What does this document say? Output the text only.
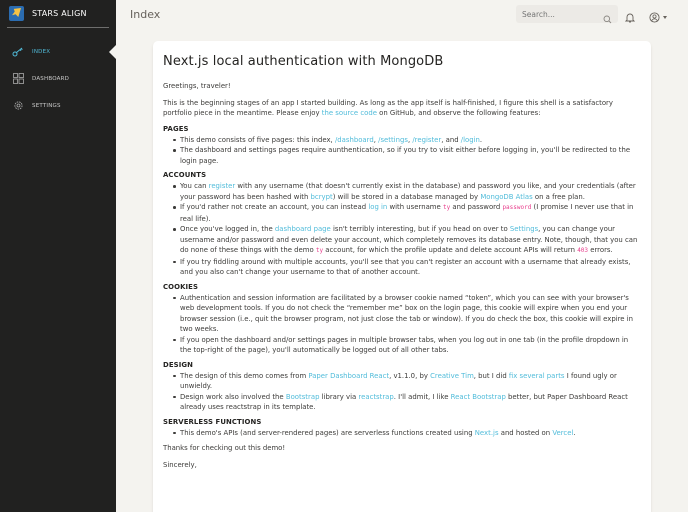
STARS ALIGN
INDEX
DASHBOARD
SETTINGS
Index
Search...
Next.js local authentication with MongoDB

Greetings, traveler!

This is the beginning stages of an app I started building. As long as the app itself is half-finished, I figure this shell is a satisfactory portfolio piece in the meantime. Please enjoy the source code on GitHub, and observe the following features:

PAGES
This demo consists of five pages: this index, /dashboard, /settings, /register, and /login.
The dashboard and settings pages require aunthentication, so if you try to visit either before logging in, you'll be redirected to the login page.
ACCOUNTS
You can register with any username (that doesn't currently exist in the database) and password you like, and your credentials (after your password has been hashed with bcrypt) will be stored in a database managed by MongoDB Atlas on a free plan.
If you'd rather not create an account, you can instead log in with username ty and password password (I promise I never use that in real life).
Once you've logged in, the dashboard page isn't terribly interesting, but if you head on over to Settings, you can change your username and/or password and even delete your account, which completely removes its database entry. Note, though, that you can do none of these things with the demo ty account, for which the profile update and delete account APIs will return 403 errors.
If you try fiddling around with multiple accounts, you'll see that you can't register an account with a username that already exists, and you also can't change your username to that of another account.
COOKIES
Authentication and session information are facilitated by a browser cookie named “token”, which you can see with your browser's web development tools. If you do not check the “remember me” box on the login page, this cookie will expire when you end your browser session (i.e., quit the browser program, not just close the tab or window). If you do check the box, this cookie will expire in two weeks.
If you open the dashboard and/or settings pages in multiple browser tabs, when you log out in one tab (in the profile dropdown in the top-right of the page), you'll automatically be logged out of all other tabs.
DESIGN
The design of this demo comes from Paper Dashboard React, v1.1.0, by Creative Tim, but I did fix several parts I found ugly or unwieldy.
Design work also involved the Bootstrap library via reactstrap. I'll admit, I like React Bootstrap better, but Paper Dashboard React already uses reactstrap in its template.
SERVERLESS FUNCTIONS
This demo's APIs (and server-rendered pages) are serverless functions created using Next.js and hosted on Vercel.

Thanks for checking out this demo!

Sincerely,
